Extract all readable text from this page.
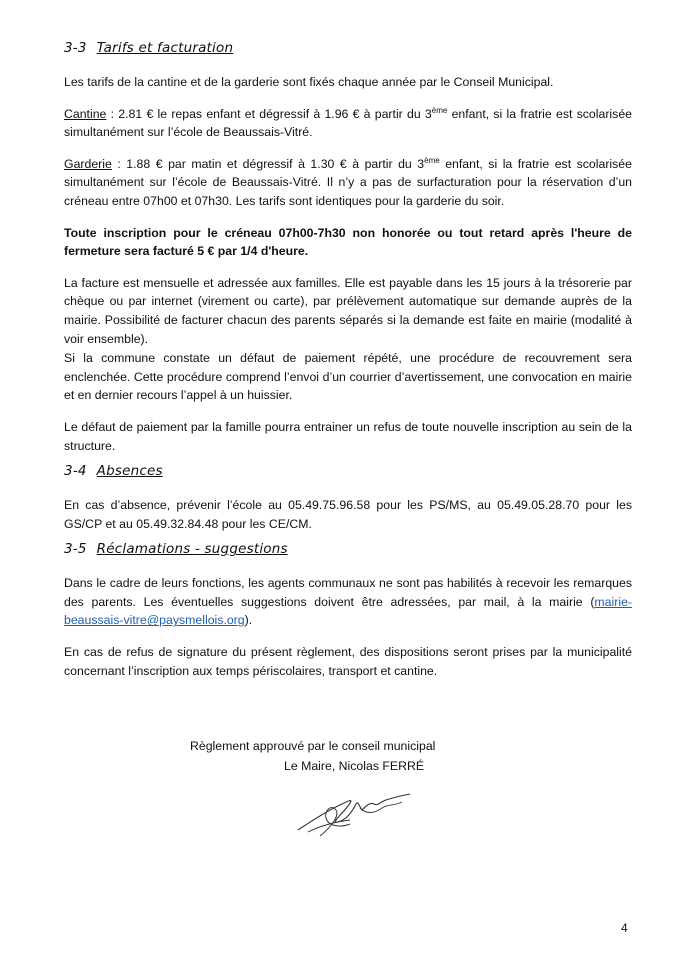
3-3 Tarifs et facturation

Les tarifs de la cantine et de la garderie sont fixés chaque année par le Conseil Municipal.

Cantine : 2.81 € le repas enfant et dégressif à 1.96 € à partir du 3ème enfant, si la fratrie est scolarisée simultanément sur l’école de Beaussais-Vitré.

Garderie : 1.88 € par matin et dégressif à 1.30 € à partir du 3ème enfant, si la fratrie est scolarisée simultanément sur l’école de Beaussais-Vitré. Il n’y a pas de surfacturation pour la réservation d’un créneau entre 07h00 et 07h30. Les tarifs sont identiques pour la garderie du soir.

Toute inscription pour le créneau 07h00-7h30 non honorée ou tout retard après l'heure de fermeture sera facturé 5 € par 1/4 d'heure.

La facture est mensuelle et adressée aux familles. Elle est payable dans les 15 jours à la trésorerie par chèque ou par internet (virement ou carte), par prélèvement automatique sur demande auprès de la mairie. Possibilité de facturer chacun des parents séparés si la demande est faite en mairie (modalité à voir ensemble).

Si la commune constate un défaut de paiement répété, une procédure de recouvrement sera enclenchée. Cette procédure comprend l’envoi d’un courrier d’avertissement, une convocation en mairie et en dernier recours l’appel à un huissier.

Le défaut de paiement par la famille pourra entrainer un refus de toute nouvelle inscription au sein de la structure.

3-4 Absences

En cas d’absence, prévenir l’école au 05.49.75.96.58 pour les PS/MS, au 05.49.05.28.70 pour les GS/CP et au 05.49.32.84.48 pour les CE/CM.

3-5 Réclamations - suggestions

Dans le cadre de leurs fonctions, les agents communaux ne sont pas habilités à recevoir les remarques des parents. Les éventuelles suggestions doivent être adressées, par mail, à la mairie (mairie-beaussais-vitre@paysmellois.org).

En cas de refus de signature du présent règlement, des dispositions seront prises par la municipalité concernant l’inscription aux temps périscolaires, transport et cantine.

Règlement approuvé par le conseil municipal
Le Maire, Nicolas FERRÉ
4
